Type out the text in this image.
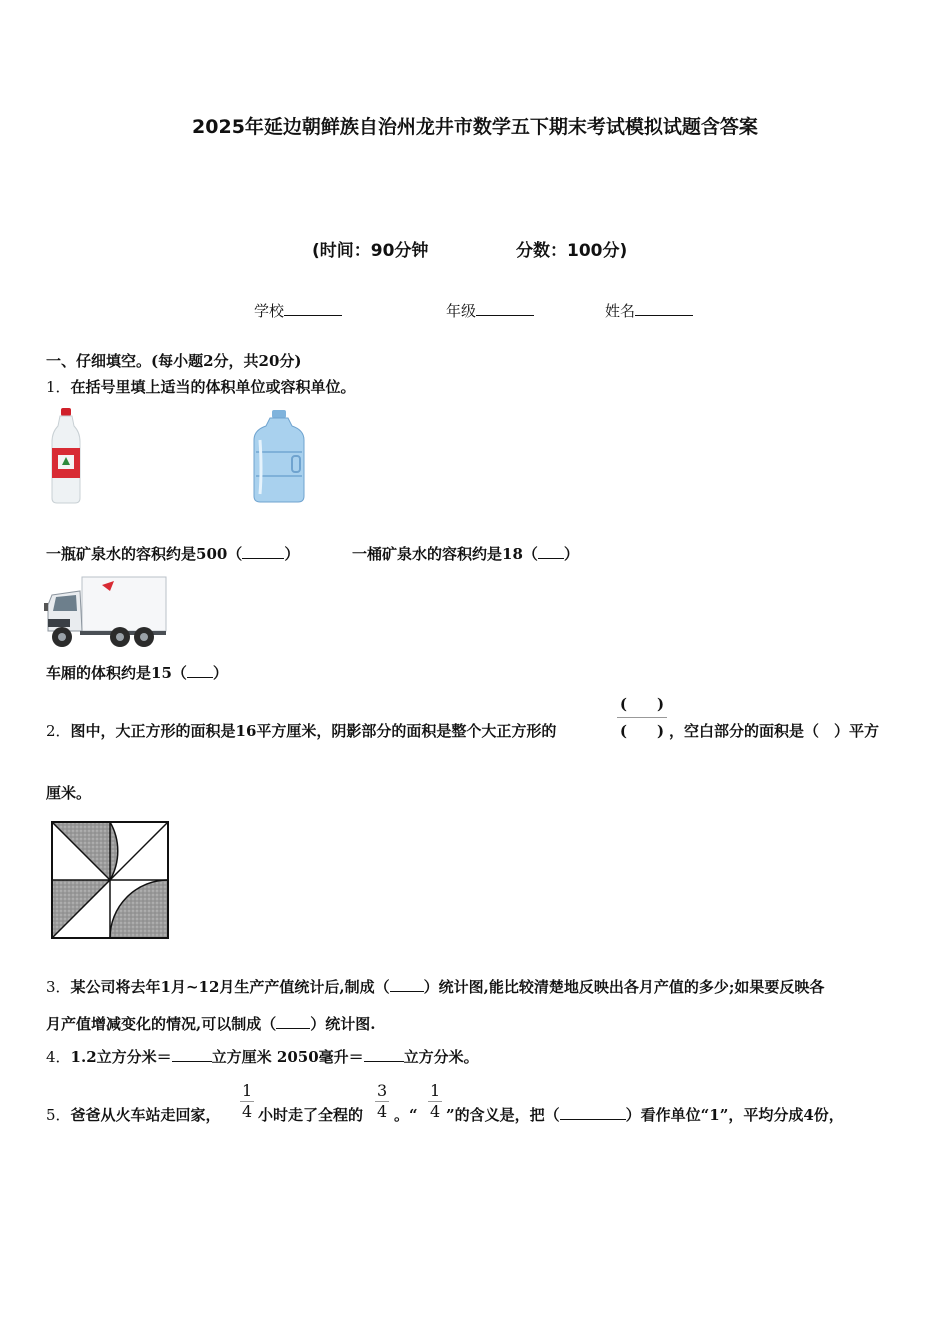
2025年延边朝鲜族自治州龙井市数学五下期末考试模拟试题含答案
(时间：90分钟	分数：100分)
学校	年级	姓名
一、仔细填空。(每小题2分，共20分)
1．在括号里填上适当的体积单位或容积单位。
一瓶矿泉水的容积约是500（	）	一桶矿泉水的容积约是18（ ）
车厢的体积约是15（ ）
2．图中，大正方形的面积是16平方厘米，阴影部分的面积是整个大正方形的
(　　)
(　　) ，空白部分的面积是（　）平方
厘米。
3．某公司将去年1月~12月生产产值统计后,制成（ ）统计图,能比较清楚地反映出各月产值的多少;如果要反映各
月产值增减变化的情况,可以制成（ ）统计图.
4．1.2立方分米＝	立方厘米 2050毫升＝	立方分米。
5．爸爸从火车站走回家， $\frac{1}{4}$ 小时走了全程的 $\frac{3}{4}$ 。“ $\frac{1}{4}$ ”的含义是，把（	）看作单位“1”，平均分成4份，
